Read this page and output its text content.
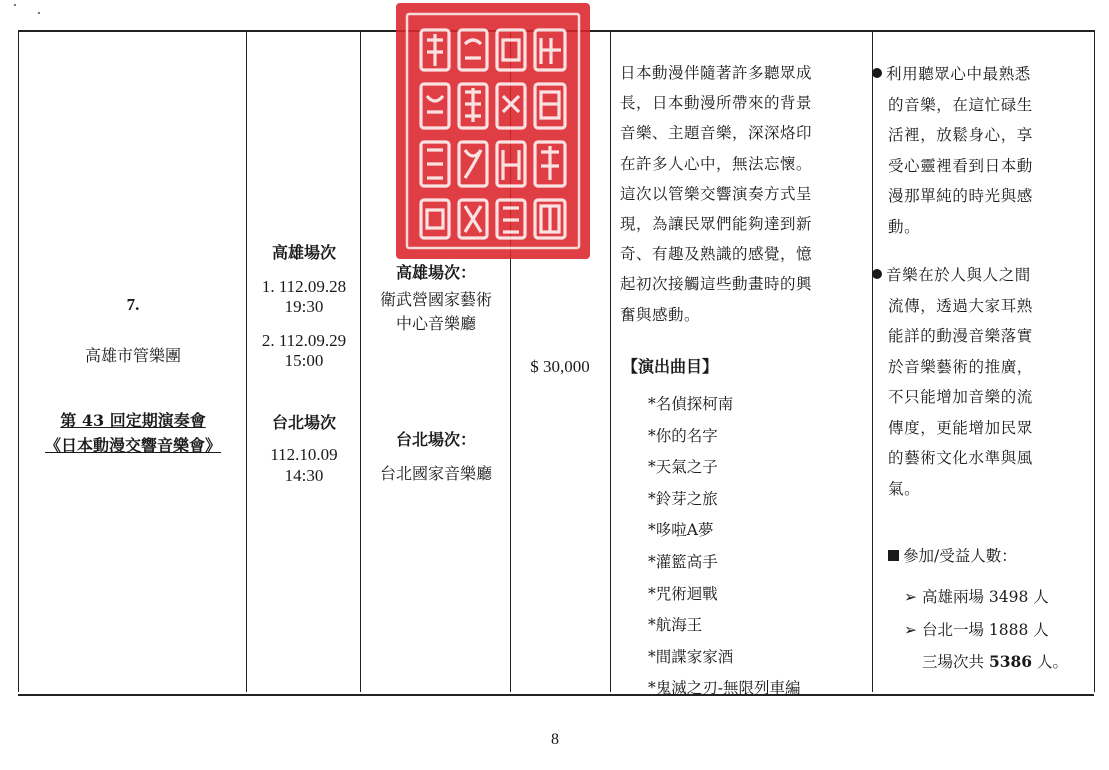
7.
高雄市管樂團
第 43 回定期演奏會
《日本動漫交響音樂會》
高雄場次
1. 112.09.28
19:30
2. 112.09.29
15:00
台北場次
112.10.09
14:30
高雄場次：
衛武營國家藝術
中心音樂廳
台北場次：
台北國家音樂廳
$ 30,000
日本動漫伴隨著許多聽眾成
長，日本動漫所帶來的背景
音樂、主題音樂，深深烙印
在許多人心中，無法忘懷。
這次以管樂交響演奏方式呈
現，為讓民眾們能夠達到新
奇、有趣及熟識的感覺，憶
起初次接觸這些動畫時的興
奮與感動。
【演出曲目】
*名偵探柯南
*你的名字
*天氣之子
*鈴芽之旅
*哆啦A夢
*灌籃高手
*咒術迴戰
*航海王
*間諜家家酒
*鬼滅之刃-無限列車編
利用聽眾心中最熟悉
的音樂，在這忙碌生
活裡，放鬆身心，享
受心靈裡看到日本動
漫那單純的時光與感
動。
音樂在於人與人之間
流傳，透過大家耳熟
能詳的動漫音樂落實
於音樂藝術的推廣，
不只能增加音樂的流
傳度，更能增加民眾
的藝術文化水準與風
氣。
參加/受益人數：
➢ 高雄兩場 3498 人
➢ 台北一場 1888 人
三場次共 5386 人。
8
